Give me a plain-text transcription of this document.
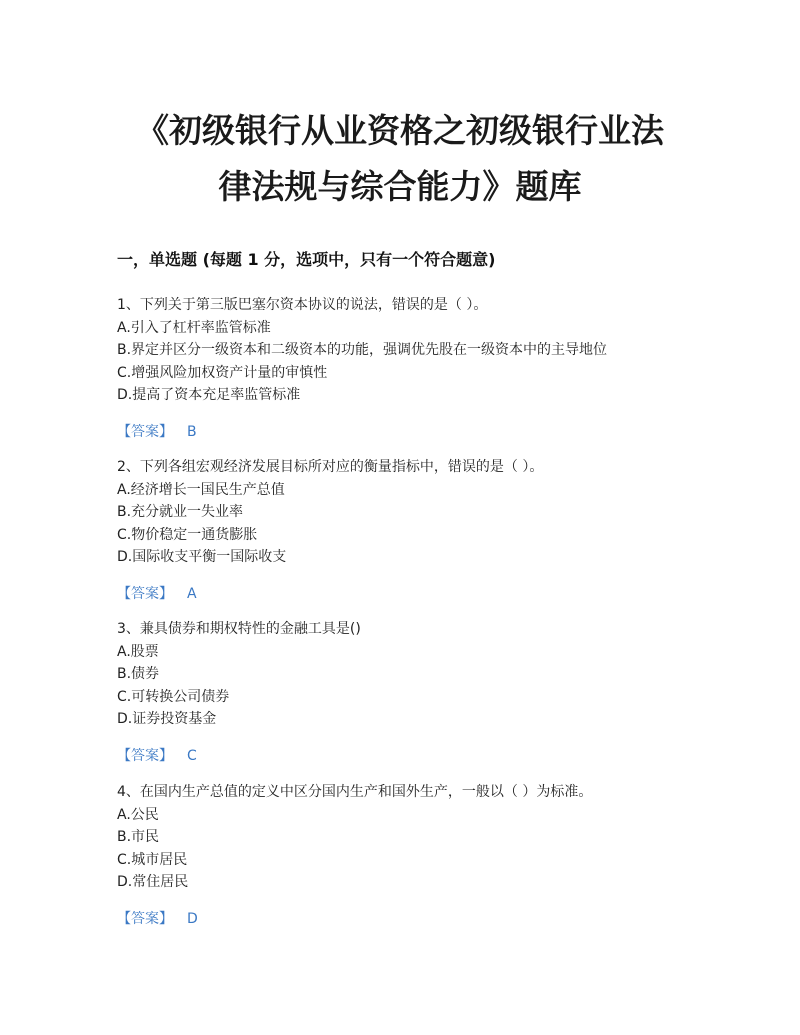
《初级银行从业资格之初级银行业法
律法规与综合能力》题库
一，单选题 (每题 1 分，选项中，只有一个符合题意)
1、下列关于第三版巴塞尔资本协议的说法，错误的是（ ）。
A.引入了杠杆率监管标准
B.界定并区分一级资本和二级资本的功能，强调优先股在一级资本中的主导地位
C.增强风险加权资产计量的审慎性
D.提高了资本充足率监管标准
【答案】 B
2、下列各组宏观经济发展目标所对应的衡量指标中，错误的是（ ）。
A.经济增长一国民生产总值
B.充分就业一失业率
C.物价稳定一通货膨胀
D.国际收支平衡一国际收支
【答案】 A
3、兼具债券和期权特性的金融工具是()
A.股票
B.债券
C.可转换公司债券
D.证券投资基金
【答案】 C
4、在国内生产总值的定义中区分国内生产和国外生产，一般以（ ）为标准。
A.公民
B.市民
C.城市居民
D.常住居民
【答案】 D
